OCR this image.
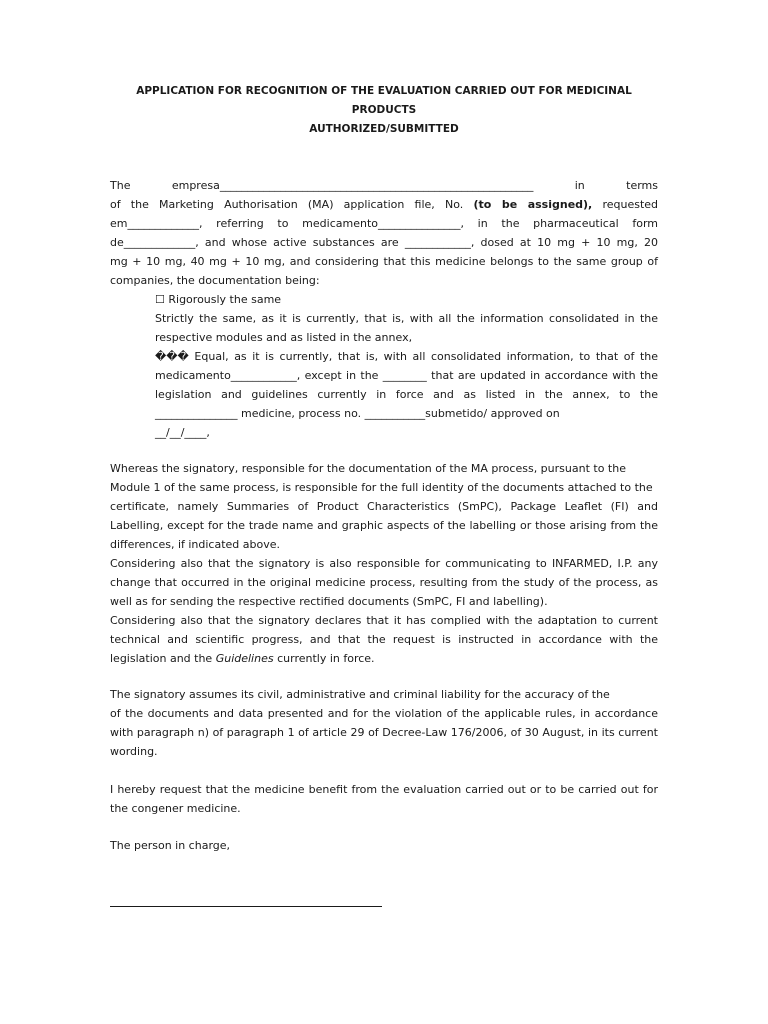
APPLICATION FOR RECOGNITION OF THE EVALUATION CARRIED OUT FOR MEDICINAL
PRODUCTS
AUTHORIZED/SUBMITTED
The empresa_________________________________________________________ in terms
of the Marketing Authorisation (MA) application file, No. (to be assigned), requested
em_____________, referring to medicamento_______________, in the pharmaceutical form
de_____________, and whose active substances are ____________, dosed at 10 mg + 10 mg, 20
mg + 10 mg, 40 mg + 10 mg, and considering that this medicine belongs to the same group of
companies, the documentation being:
☐ Rigorously the same
Strictly the same, as it is currently, that is, with all the information consolidated in the respective modules and as listed in the annex,
��� Equal, as it is currently, that is, with all consolidated information, to that of the medicamento____________, except in the ________ that are updated in accordance with the legislation and guidelines currently in force and as listed in the annex, to the _______________ medicine, process no. ___________submetido/ approved on
__/__/____,
Whereas the signatory, responsible for the documentation of the MA process, pursuant to the
Module 1 of the same process, is responsible for the full identity of the documents attached to the
certificate, namely Summaries of Product Characteristics (SmPC), Package Leaflet (FI) and Labelling, except for the trade name and graphic aspects of the labelling or those arising from the differences, if indicated above.
Considering also that the signatory is also responsible for communicating to INFARMED, I.P. any change that occurred in the original medicine process, resulting from the study of the process, as well as for sending the respective rectified documents (SmPC, FI and labelling).
Considering also that the signatory declares that it has complied with the adaptation to current technical and scientific progress, and that the request is instructed in accordance with the legislation and the Guidelines currently in force.
The signatory assumes its civil, administrative and criminal liability for the accuracy of the
of the documents and data presented and for the violation of the applicable rules, in accordance with paragraph n) of paragraph 1 of article 29 of Decree-Law 176/2006, of 30 August, in its current wording.
I hereby request that the medicine benefit from the evaluation carried out or to be carried out for the congener medicine.
The person in charge,
